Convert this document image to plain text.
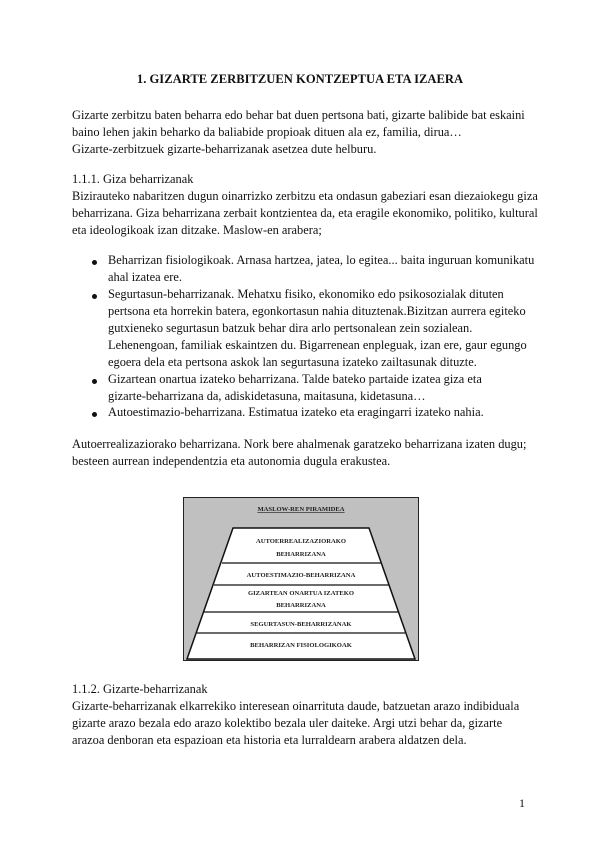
1. GIZARTE ZERBITZUEN KONTZEPTUA ETA IZAERA
Gizarte zerbitzu baten beharra edo behar bat duen pertsona bati, gizarte balibide bat eskaini
baino lehen jakin beharko da baliabide propioak dituen ala ez, familia, dirua…
Gizarte-zerbitzuek gizarte-beharrizanak asetzea dute helburu.
1.1.1. Giza beharrizanak
Bizirauteko nabaritzen dugun oinarrizko zerbitzu eta ondasun gabeziari esan diezaiokegu giza
beharrizana. Giza beharrizana zerbait kontzientea da, eta eragile ekonomiko, politiko, kultural
eta ideologikoak izan ditzake. Maslow-en arabera;
Beharrizan fisiologikoak. Arnasa hartzea, jatea, lo egitea... baita inguruan komunikatu
ahal izatea ere.
Segurtasun-beharrizanak. Mehatxu fisiko, ekonomiko edo psikosozialak dituten
pertsona eta horrekin batera, egonkortasun nahia dituztenak.Bizitzan aurrera egiteko
gutxieneko segurtasun batzuk behar dira arlo pertsonalean zein sozialean.
Lehenengoan, familiak eskaintzen du. Bigarrenean enpleguak, izan ere, gaur egungo
egoera dela eta pertsona askok lan segurtasuna izateko zailtasunak dituzte.
Gizartean onartua izateko beharrizana. Talde bateko partaide izatea giza eta
gizarte-beharrizana da, adiskidetasuna, maitasuna, kidetasuna…
Autoestimazio-beharrizana. Estimatua izateko eta eragingarri izateko nahia.
Autoerrealizaziorako beharrizana. Nork bere ahalmenak garatzeko beharrizana izaten dugu;
besteen aurrean independentzia eta autonomia dugula erakustea.
MASLOW-REN PIRAMIDEA
AUTOERREALIZAZIORAKO
BEHARRIZANA
AUTOESTIMAZIO-BEHARRIZANA
GIZARTEAN ONARTUA IZATEKO
BEHARRIZANA
SEGURTASUN-BEHARRIZANAK
BEHARRIZAN FISIOLOGIKOAK
1.1.2. Gizarte-beharrizanak
Gizarte-beharrizanak elkarrekiko interesean oinarrituta daude, batzuetan arazo indibiduala
gizarte arazo bezala edo arazo kolektibo bezala uler daiteke. Argi utzi behar da, gizarte
arazoa denboran eta espazioan eta historia eta lurraldearn arabera aldatzen dela.
1
